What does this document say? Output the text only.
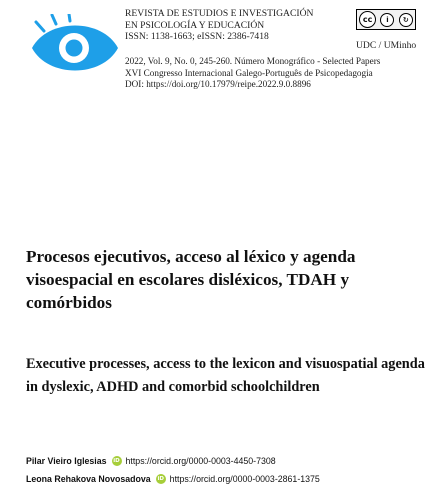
REVISTA DE ESTUDIOS E INVESTIGACIÓN
EN PSICOLOGÍA Y EDUCACIÓN
ISSN: 1138-1663; eISSN: 2386-7418
cc	i	↻
UDC / UMinho
2022, Vol. 9, No. 0, 245-260. Número Monográfico - Selected Papers
XVI Congresso Internacional Galego-Português de Psicopedagogia
DOI: https://doi.org/10.17979/reipe.2022.9.0.8896
Procesos ejecutivos, acceso al léxico y agenda visoespacial en escolares disléxicos, TDAH y comórbidos
Executive processes, access to the lexicon and visuospatial agenda in dyslexic, ADHD and comorbid schoolchildren
Pilar Vieiro Iglesias iD https://orcid.org/0000-0003-4450-7308
Leona Rehakova Novosadova iD https://orcid.org/0000-0003-2861-1375
